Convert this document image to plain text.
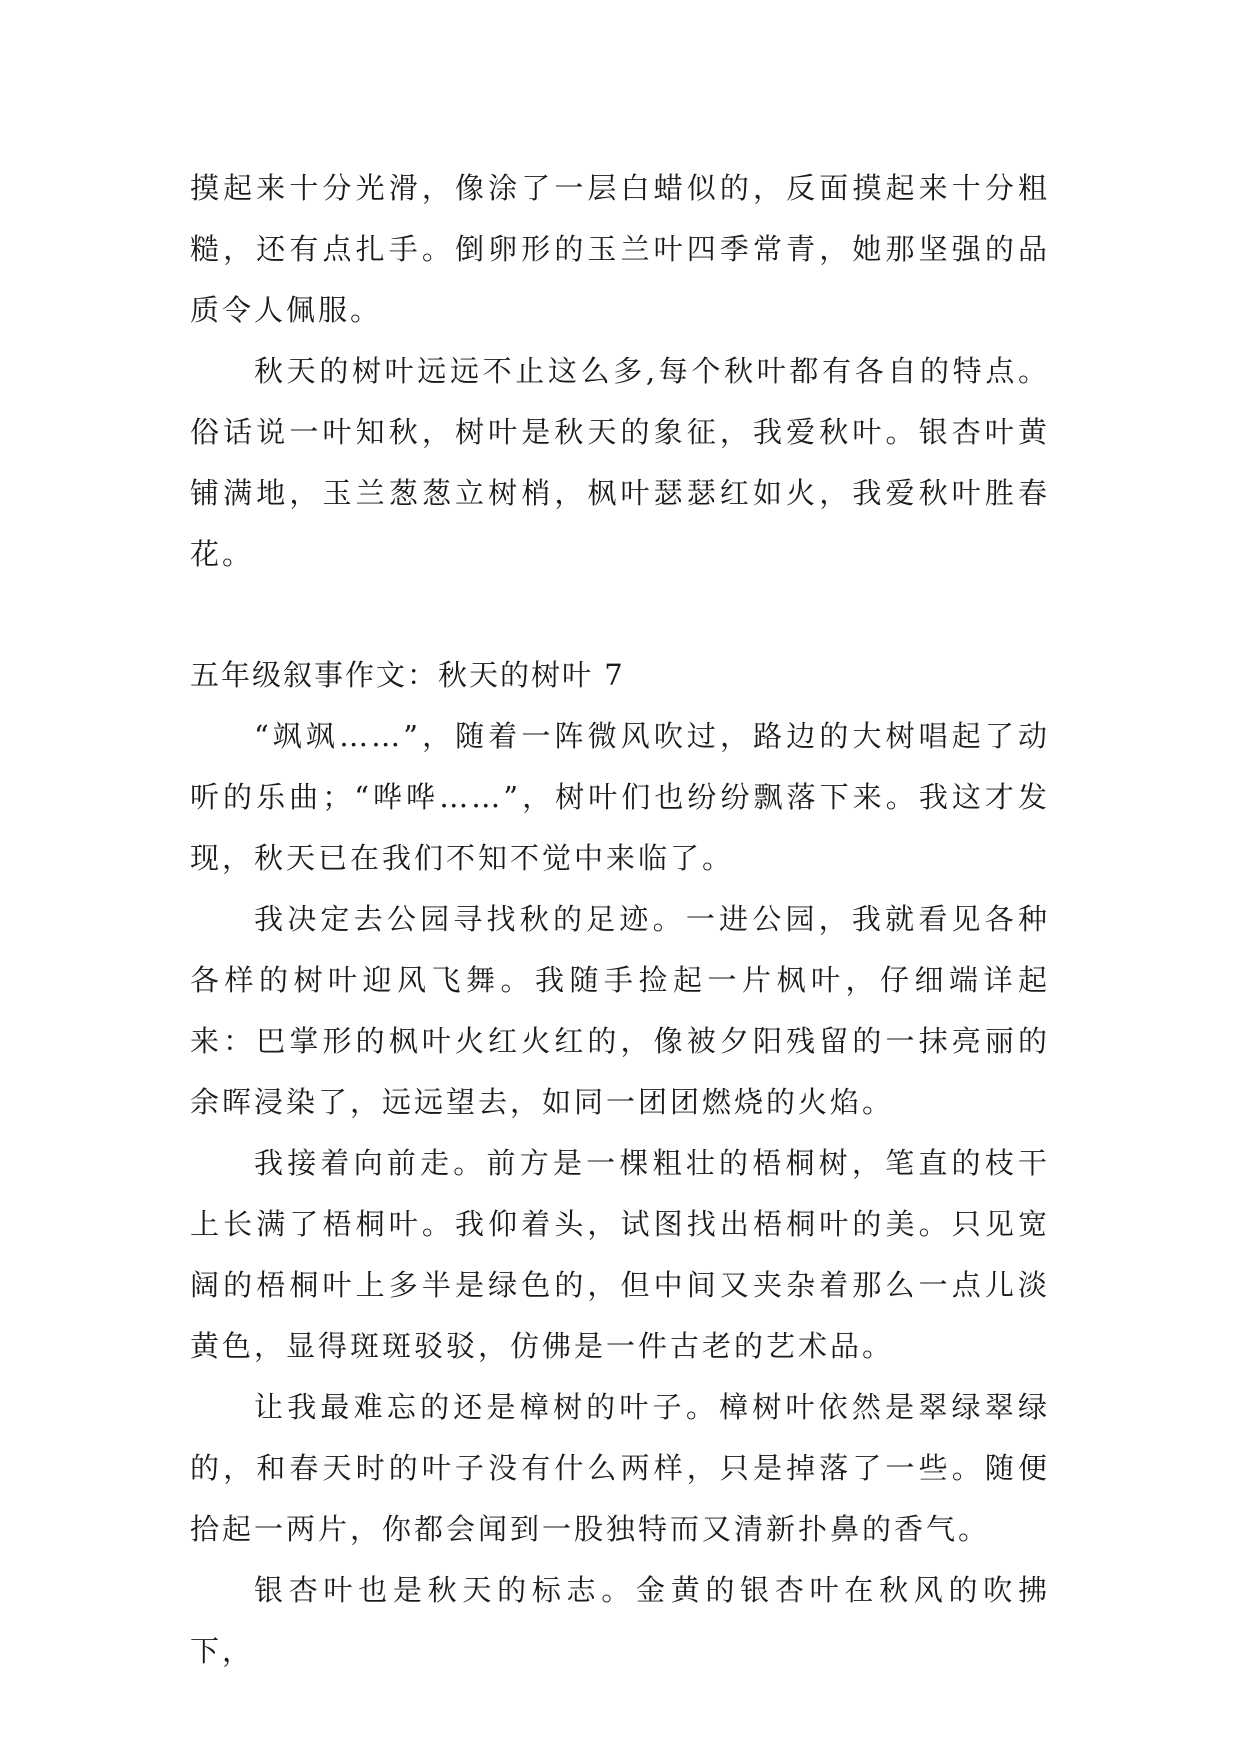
摸起来十分光滑，像涂了一层白蜡似的，反面摸起来十分粗糙，还有点扎手。倒卵形的玉兰叶四季常青，她那坚强的品质令人佩服。

秋天的树叶远远不止这么多,每个秋叶都有各自的特点。俗话说一叶知秋，树叶是秋天的象征，我爱秋叶。银杏叶黄铺满地，玉兰葱葱立树梢，枫叶瑟瑟红如火，我爱秋叶胜春花。

五年级叙事作文：秋天的树叶 7

“飒飒……”，随着一阵微风吹过，路边的大树唱起了动听的乐曲；“哗哗……”，树叶们也纷纷飘落下来。我这才发现，秋天已在我们不知不觉中来临了。

我决定去公园寻找秋的足迹。一进公园，我就看见各种各样的树叶迎风飞舞。我随手捡起一片枫叶，仔细端详起来：巴掌形的枫叶火红火红的，像被夕阳残留的一抹亮丽的余晖浸染了，远远望去，如同一团团燃烧的火焰。

我接着向前走。前方是一棵粗壮的梧桐树，笔直的枝干上长满了梧桐叶。我仰着头，试图找出梧桐叶的美。只见宽阔的梧桐叶上多半是绿色的，但中间又夹杂着那么一点儿淡黄色，显得斑斑驳驳，仿佛是一件古老的艺术品。

让我最难忘的还是樟树的叶子。樟树叶依然是翠绿翠绿的，和春天时的叶子没有什么两样，只是掉落了一些。随便拾起一两片，你都会闻到一股独特而又清新扑鼻的香气。

银杏叶也是秋天的标志。金黄的银杏叶在秋风的吹拂下，
